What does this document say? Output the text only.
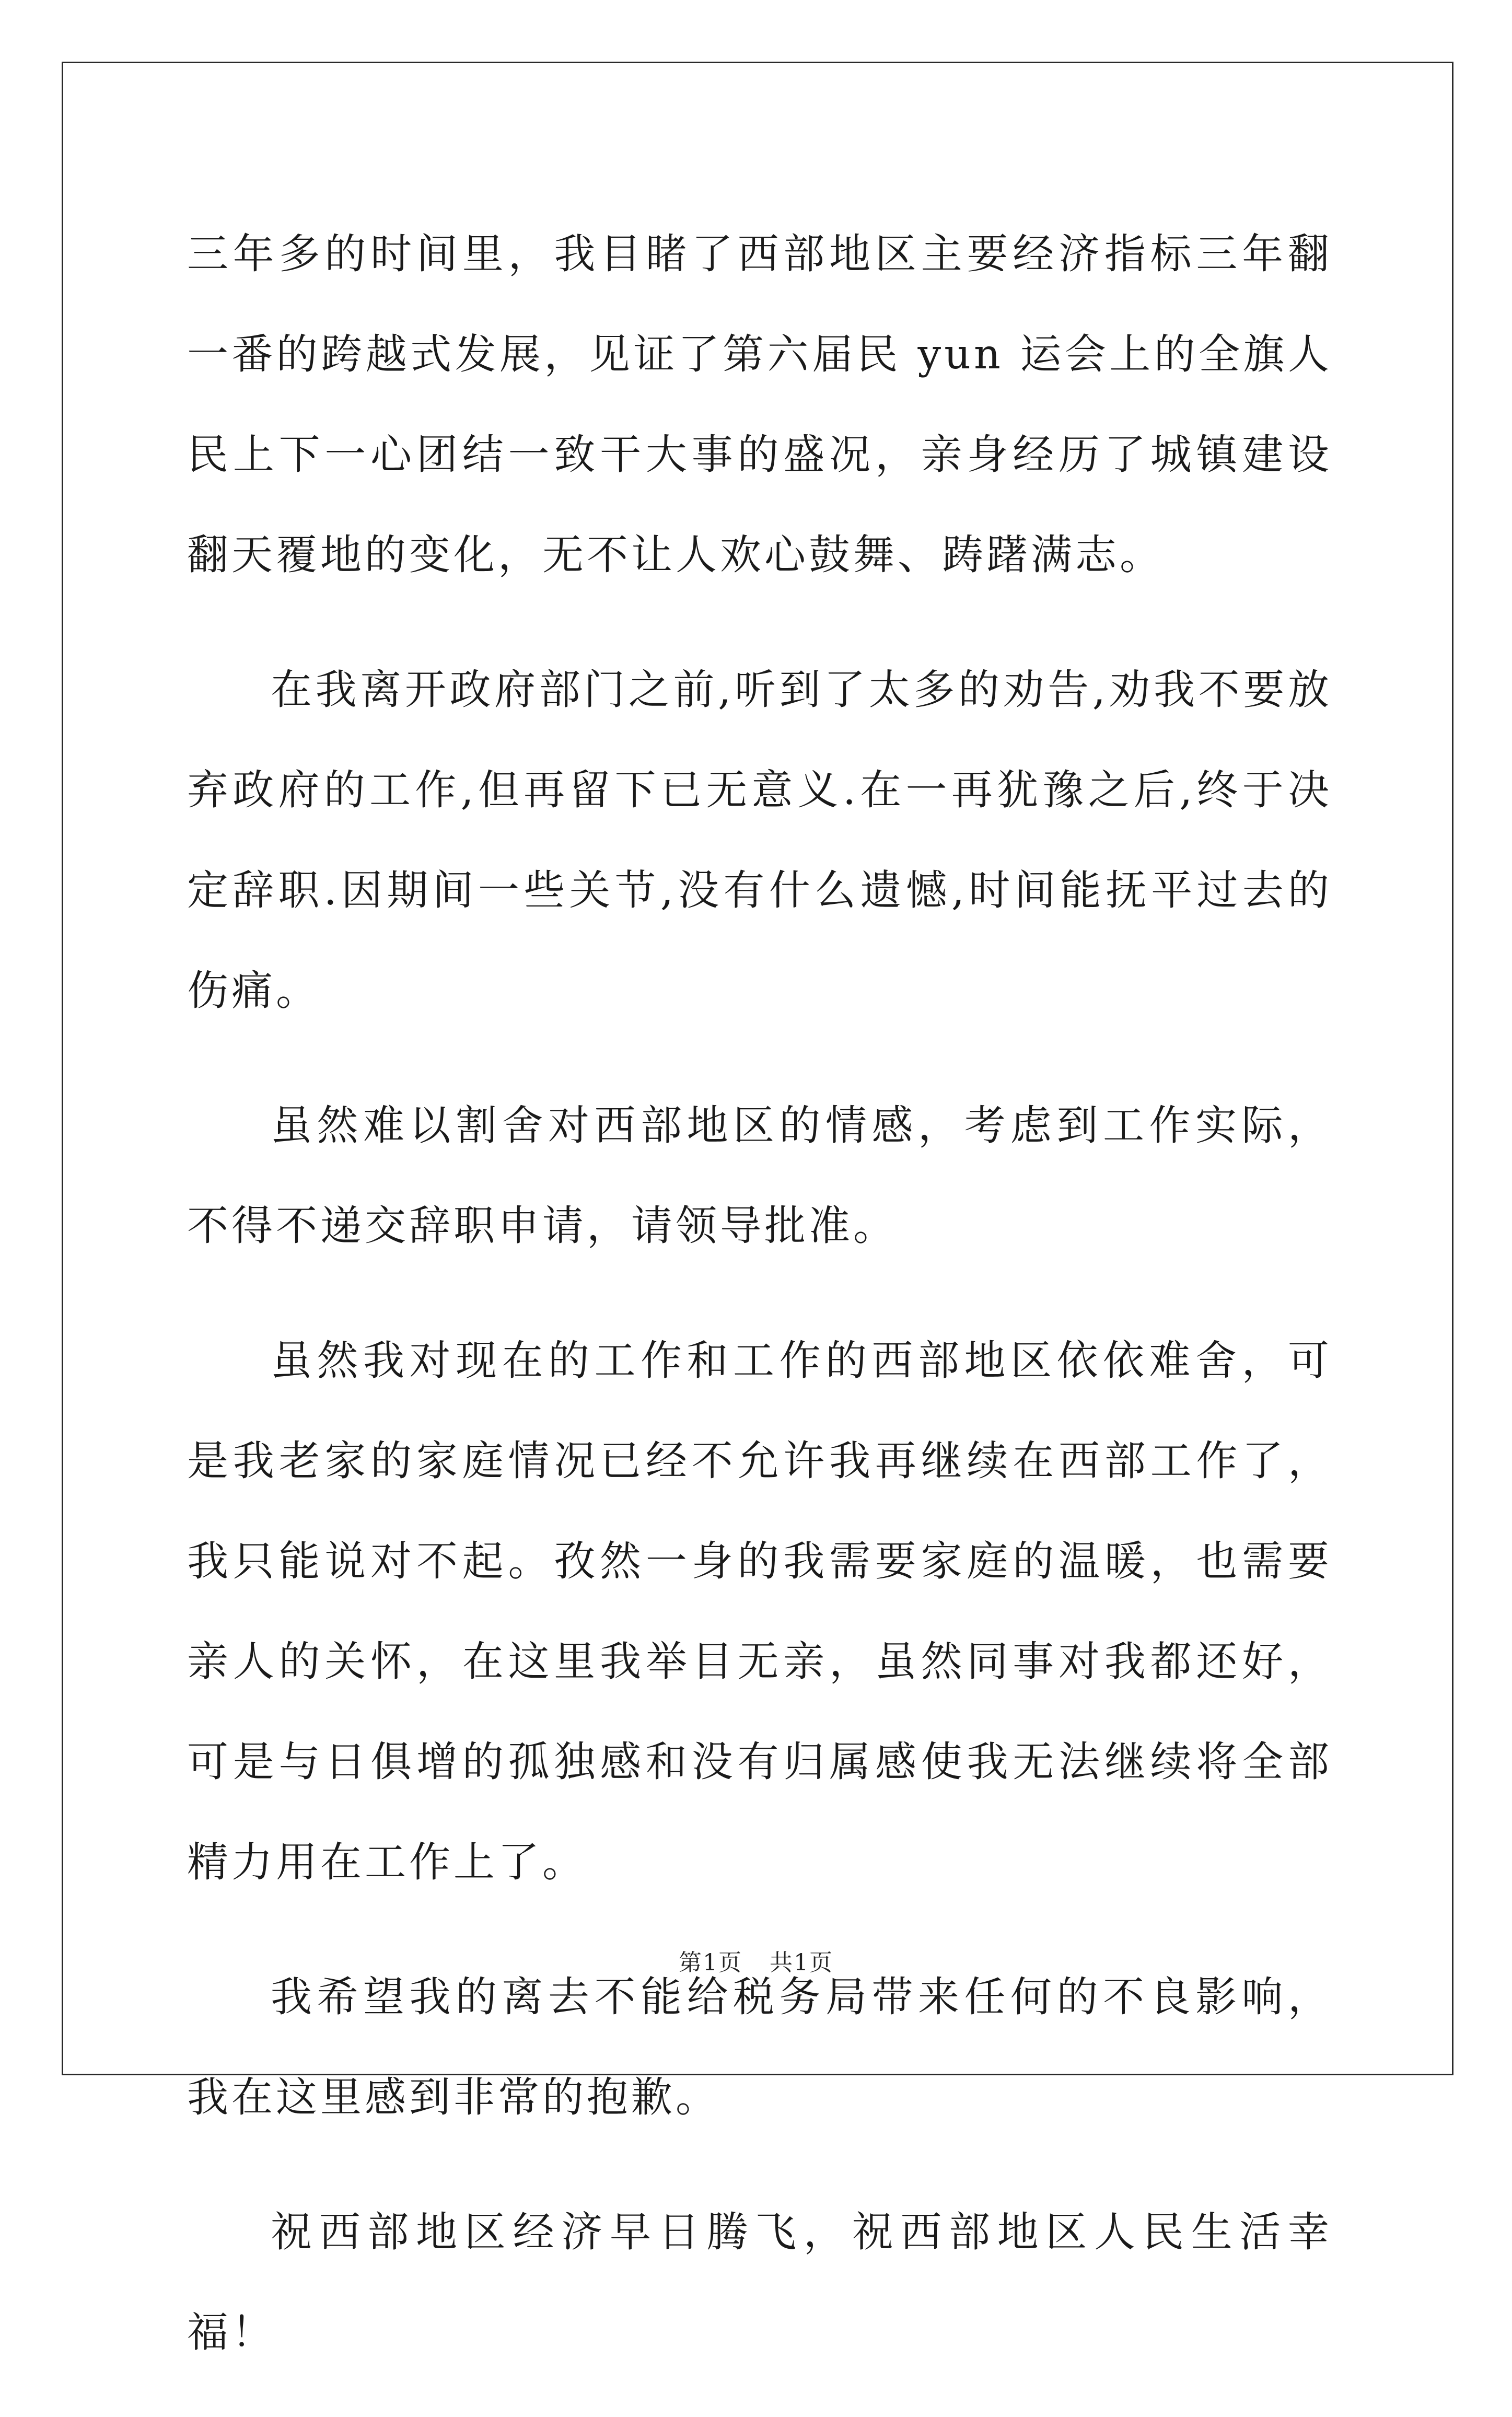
三年多的时间里，我目睹了西部地区主要经济指标三年翻一番的跨越式发展，见证了第六届民 yun 运会上的全旗人民上下一心团结一致干大事的盛况，亲身经历了城镇建设翻天覆地的变化，无不让人欢心鼓舞、踌躇满志。

在我离开政府部门之前,听到了太多的劝告,劝我不要放弃政府的工作,但再留下已无意义.在一再犹豫之后,终于决定辞职.因期间一些关节,没有什么遗憾,时间能抚平过去的伤痛。

虽然难以割舍对西部地区的情感，考虑到工作实际，不得不递交辞职申请，请领导批准。

虽然我对现在的工作和工作的西部地区依依难舍，可是我老家的家庭情况已经不允许我再继续在西部工作了，我只能说对不起。孜然一身的我需要家庭的温暖，也需要亲人的关怀，在这里我举目无亲，虽然同事对我都还好，可是与日俱增的孤独感和没有归属感使我无法继续将全部精力用在工作上了。

我希望我的离去不能给税务局带来任何的不良影响，我在这里感到非常的抱歉。

祝西部地区经济早日腾飞，祝西部地区人民生活幸福！

第1页 共1页
